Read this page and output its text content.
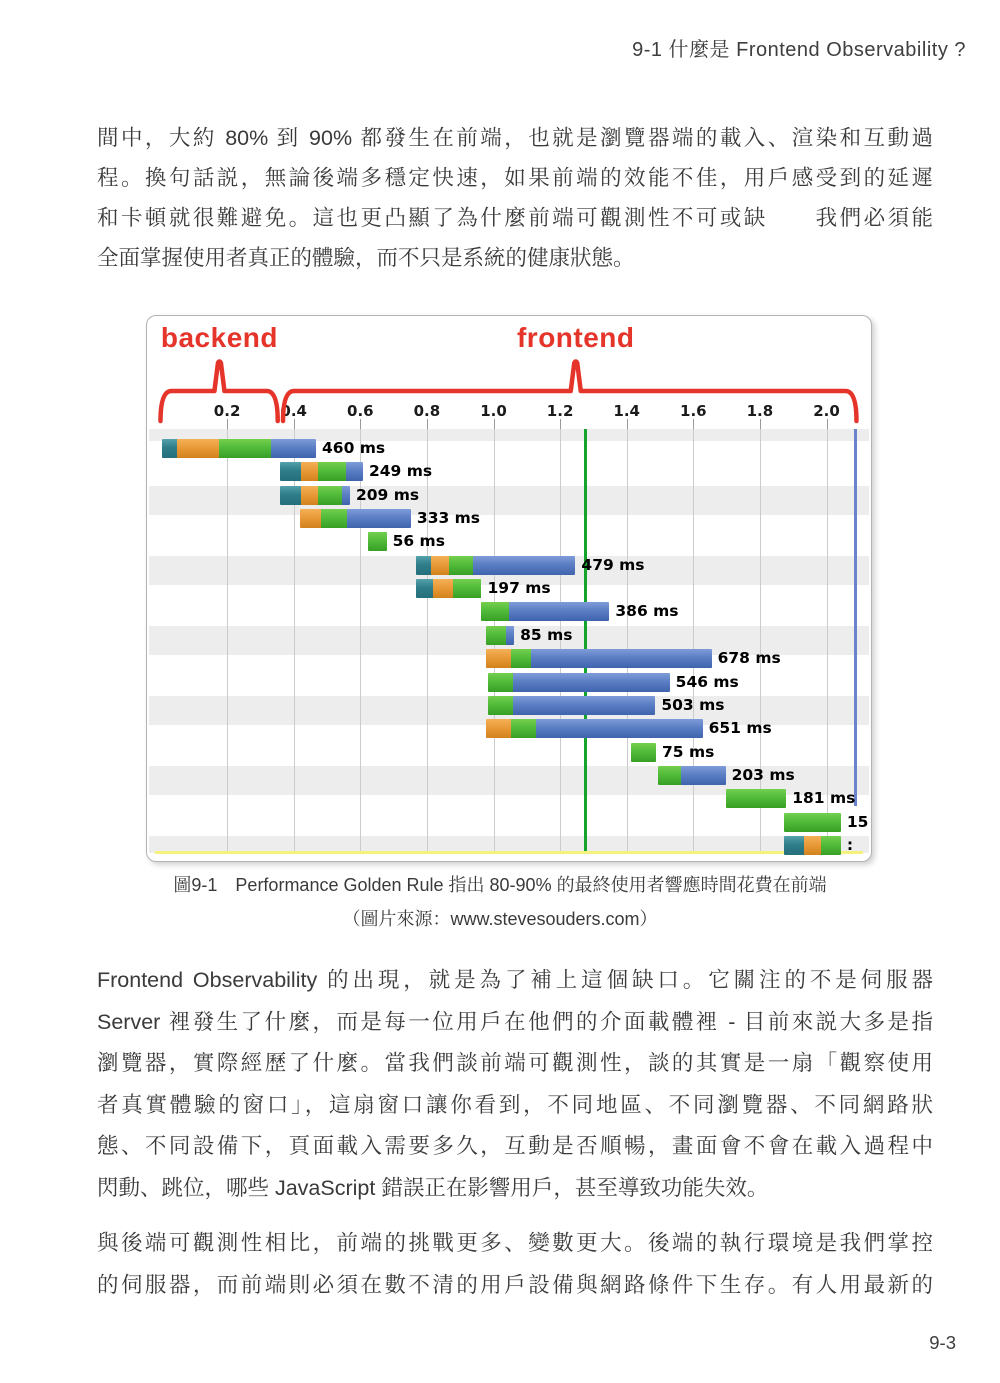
9-1 什麼是 Frontend Observability ?
間中，大約 80% 到 90% 都發生在前端，也就是瀏覽器端的載入、渲染和互動過
程。換句話説，無論後端多穩定快速，如果前端的效能不佳，用戶感受到的延遲
和卡頓就很難避免。這也更凸顯了為什麼前端可觀測性不可或缺　　我們必須能
全面掌握使用者真正的體驗，而不只是系統的健康狀態。
0.2	0.4	0.6	0.8	1.0	1.2	1.4	1.6	1.8	2.0
460 ms
249 ms
209 ms
333 ms
56 ms
479 ms
197 ms
386 ms
85 ms
678 ms
546 ms
503 ms
651 ms
75 ms
203 ms
181 ms
15
:
backend	frontend
圖9-1　Performance Golden Rule 指出 80-90% 的最終使用者響應時間花費在前端
（圖片來源：www.stevesouders.com）
Frontend Observability 的出現，就是為了補上這個缺口。它關注的不是伺服器
Server 裡發生了什麼，而是每一位用戶在他們的介面載體裡 - 目前來説大多是指
瀏覽器，實際經歷了什麼。當我們談前端可觀測性，談的其實是一扇「觀察使用
者真實體驗的窗口」，這扇窗口讓你看到，不同地區、不同瀏覽器、不同網路狀
態、不同設備下，頁面載入需要多久，互動是否順暢，畫面會不會在載入過程中
閃動、跳位，哪些 JavaScript 錯誤正在影響用戶，甚至導致功能失效。
與後端可觀測性相比，前端的挑戰更多、變數更大。後端的執行環境是我們掌控
的伺服器，而前端則必須在數不清的用戶設備與網路條件下生存。有人用最新的
9-3
